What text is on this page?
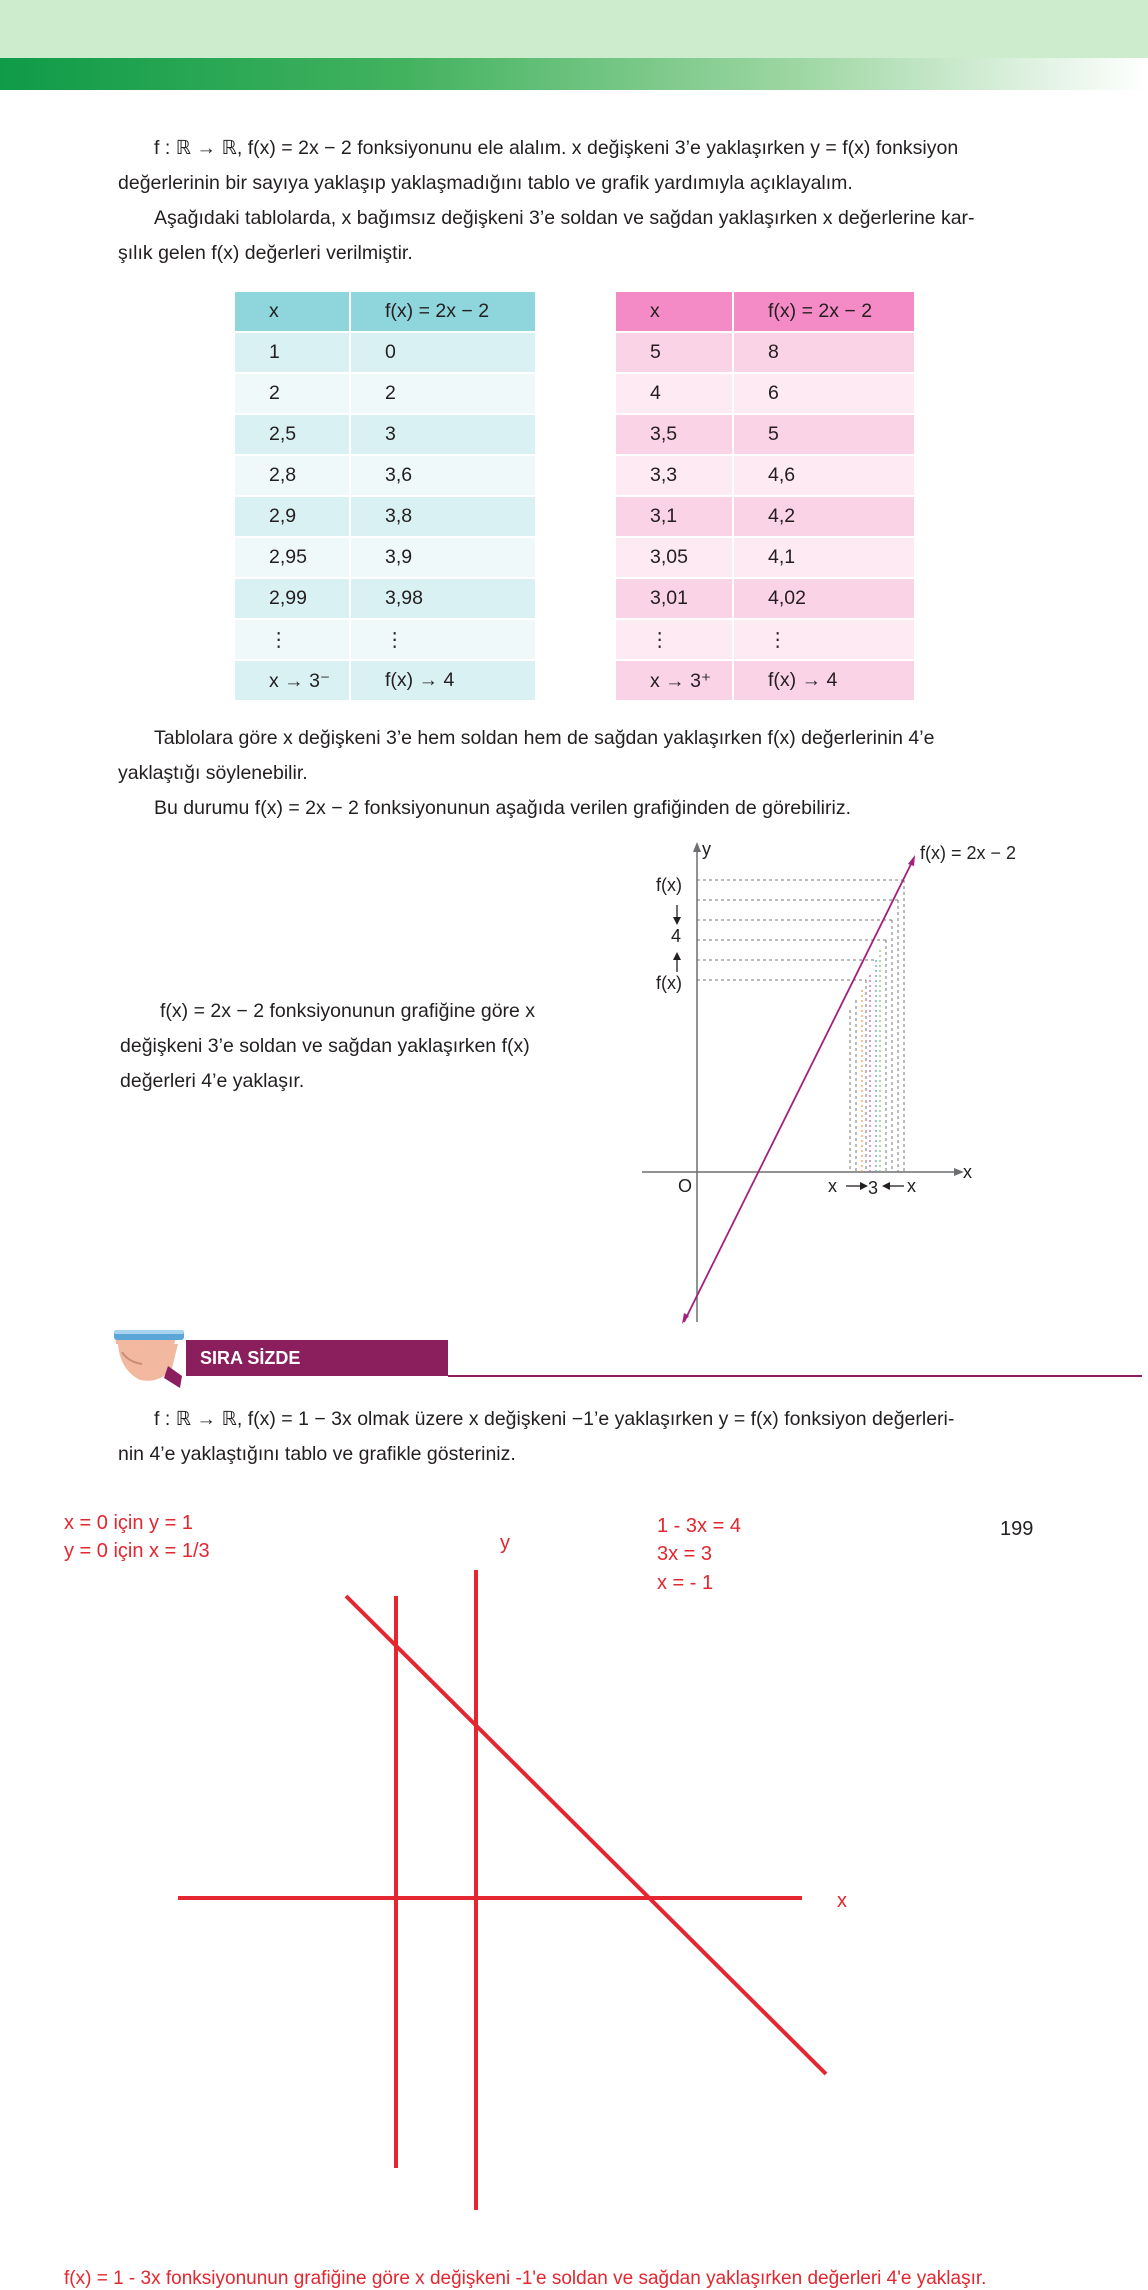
f : ℝ → ℝ, f(x) = 2x − 2 fonksiyonunu ele alalım. x değişkeni 3’e yaklaşırken y = f(x) fonksiyon
değerlerinin bir sayıya yaklaşıp yaklaşmadığını tablo ve grafik yardımıyla açıklayalım.
Aşağıdaki tablolarda, x bağımsız değişkeni 3’e soldan ve sağdan yaklaşırken x değerlerine kar-
şılık gelen f(x) değerleri verilmiştir.

x	f(x) = 2x − 2
1	0
2	2
2,5	3
2,8	3,6
2,9	3,8
2,95	3,9
2,99	3,98
⋮	⋮
x → 3⁻	f(x) → 4
x	f(x) = 2x − 2
5	8
4	6
3,5	5
3,3	4,6
3,1	4,2
3,05	4,1
3,01	4,02
⋮	⋮
x → 3⁺	f(x) → 4

Tablolara göre x değişkeni 3’e hem soldan hem de sağdan yaklaşırken f(x) değerlerinin 4’e
yaklaştığı söylenebilir.
Bu durumu f(x) = 2x − 2 fonksiyonunun aşağıda verilen grafiğinden de görebiliriz.

y
x
O
f(x) = 2x − 2
f(x)
4
f(x)
x 3 x
f(x) = 2x − 2 fonksiyonunun grafiğine göre x
değişkeni 3’e soldan ve sağdan yaklaşırken f(x)
değerleri 4’e yaklaşır.
SIRA SİZDE

f : ℝ → ℝ, f(x) = 1 − 3x olmak üzere x değişkeni −1’e yaklaşırken y = f(x) fonksiyon değerleri-
nin 4’e yaklaştığını tablo ve grafikle gösteriniz.

199
x = 0 için y = 1
y = 0 için x = 1/3	y
1 - 3x = 4
3x = 3
x = - 1
x
f(x) = 1 - 3x fonksiyonunun grafiğine göre x değişkeni -1'e soldan ve sağdan yaklaşırken değerleri 4'e yaklaşır.
